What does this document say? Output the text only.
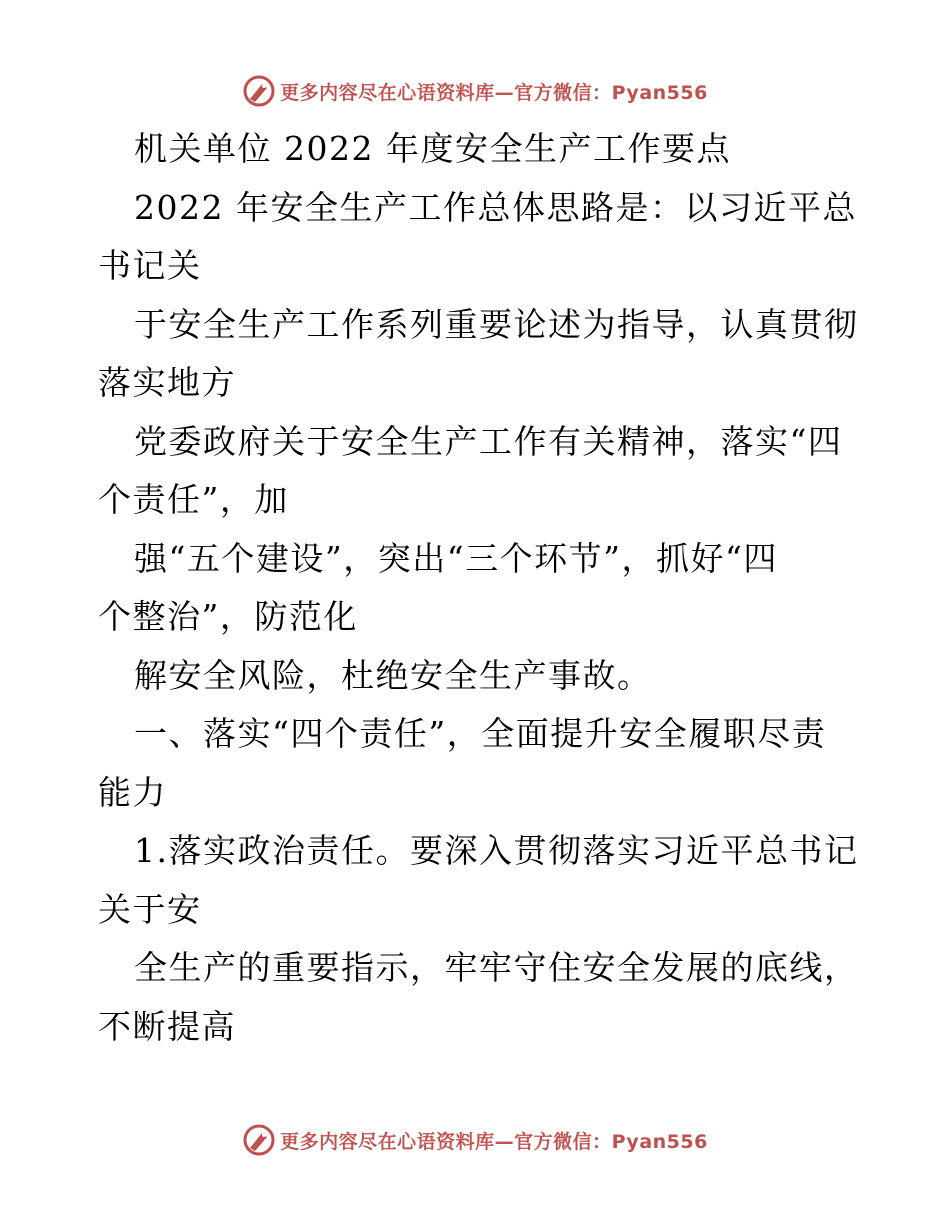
更多内容尽在心语资料库—官方微信：Pyan556
机关单位 2022 年度安全生产工作要点
2022 年安全生产工作总体思路是：以习近平总
书记关
于安全生产工作系列重要论述为指导，认真贯彻
落实地方
党委政府关于安全生产工作有关精神，落实“四
个责任”，加
强“五个建设”，突出“三个环节”，抓好“四
个整治”，防范化
解安全风险，杜绝安全生产事故。
一、落实“四个责任”，全面提升安全履职尽责
能力
1.落实政治责任。要深入贯彻落实习近平总书记
关于安
全生产的重要指示，牢牢守住安全发展的底线，
不断提高
更多内容尽在心语资料库—官方微信：Pyan556
